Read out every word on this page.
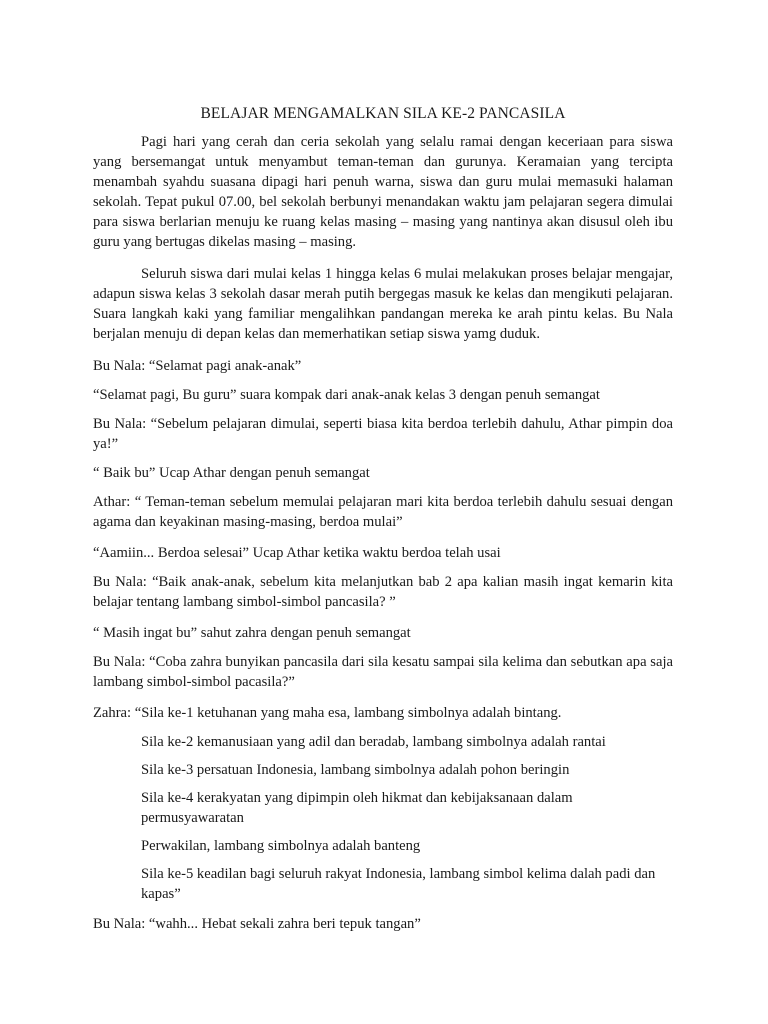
BELAJAR MENGAMALKAN SILA KE-2 PANCASILA

Pagi hari yang cerah dan ceria sekolah yang selalu ramai dengan keceriaan para siswa yang bersemangat untuk menyambut teman-teman dan gurunya. Keramaian yang tercipta menambah syahdu suasana dipagi hari penuh warna, siswa dan guru mulai memasuki halaman sekolah. Tepat pukul 07.00, bel sekolah berbunyi menandakan waktu jam pelajaran segera dimulai para siswa berlarian menuju ke ruang kelas masing – masing yang nantinya akan disusul oleh ibu guru yang bertugas dikelas masing – masing.

Seluruh siswa dari mulai kelas 1 hingga kelas 6 mulai melakukan proses belajar mengajar, adapun siswa kelas 3 sekolah dasar merah putih bergegas masuk ke kelas dan mengikuti pelajaran. Suara langkah kaki yang familiar mengalihkan pandangan mereka ke arah pintu kelas. Bu Nala berjalan menuju di depan kelas dan memerhatikan setiap siswa yamg duduk.

Bu Nala: “Selamat pagi anak-anak”

“Selamat pagi, Bu guru” suara kompak dari anak-anak kelas 3 dengan penuh semangat

Bu Nala: “Sebelum pelajaran dimulai, seperti biasa kita berdoa terlebih dahulu, Athar pimpin doa ya!”

“ Baik bu” Ucap Athar dengan penuh semangat

Athar: “ Teman-teman sebelum memulai pelajaran mari kita berdoa terlebih dahulu sesuai dengan agama dan keyakinan masing-masing, berdoa mulai”

“Aamiin... Berdoa selesai” Ucap Athar ketika waktu berdoa telah usai

Bu Nala: “Baik anak-anak, sebelum kita melanjutkan bab 2 apa kalian masih ingat kemarin kita belajar tentang lambang simbol-simbol pancasila? ”

“ Masih ingat bu” sahut zahra dengan penuh semangat

Bu Nala: “Coba zahra bunyikan pancasila dari sila kesatu sampai sila kelima dan sebutkan apa saja lambang simbol-simbol pacasila?”

Zahra: “Sila ke-1 ketuhanan yang maha esa, lambang simbolnya adalah bintang.

Sila ke-2 kemanusiaan yang adil dan beradab, lambang simbolnya adalah rantai

Sila ke-3 persatuan Indonesia, lambang simbolnya adalah pohon beringin

Sila ke-4 kerakyatan yang dipimpin oleh hikmat dan kebijaksanaan dalam permusyawaratan

Perwakilan, lambang simbolnya adalah banteng

Sila ke-5 keadilan bagi seluruh rakyat Indonesia, lambang simbol kelima dalah padi dan kapas”

Bu Nala: “wahh... Hebat sekali zahra beri tepuk tangan”
